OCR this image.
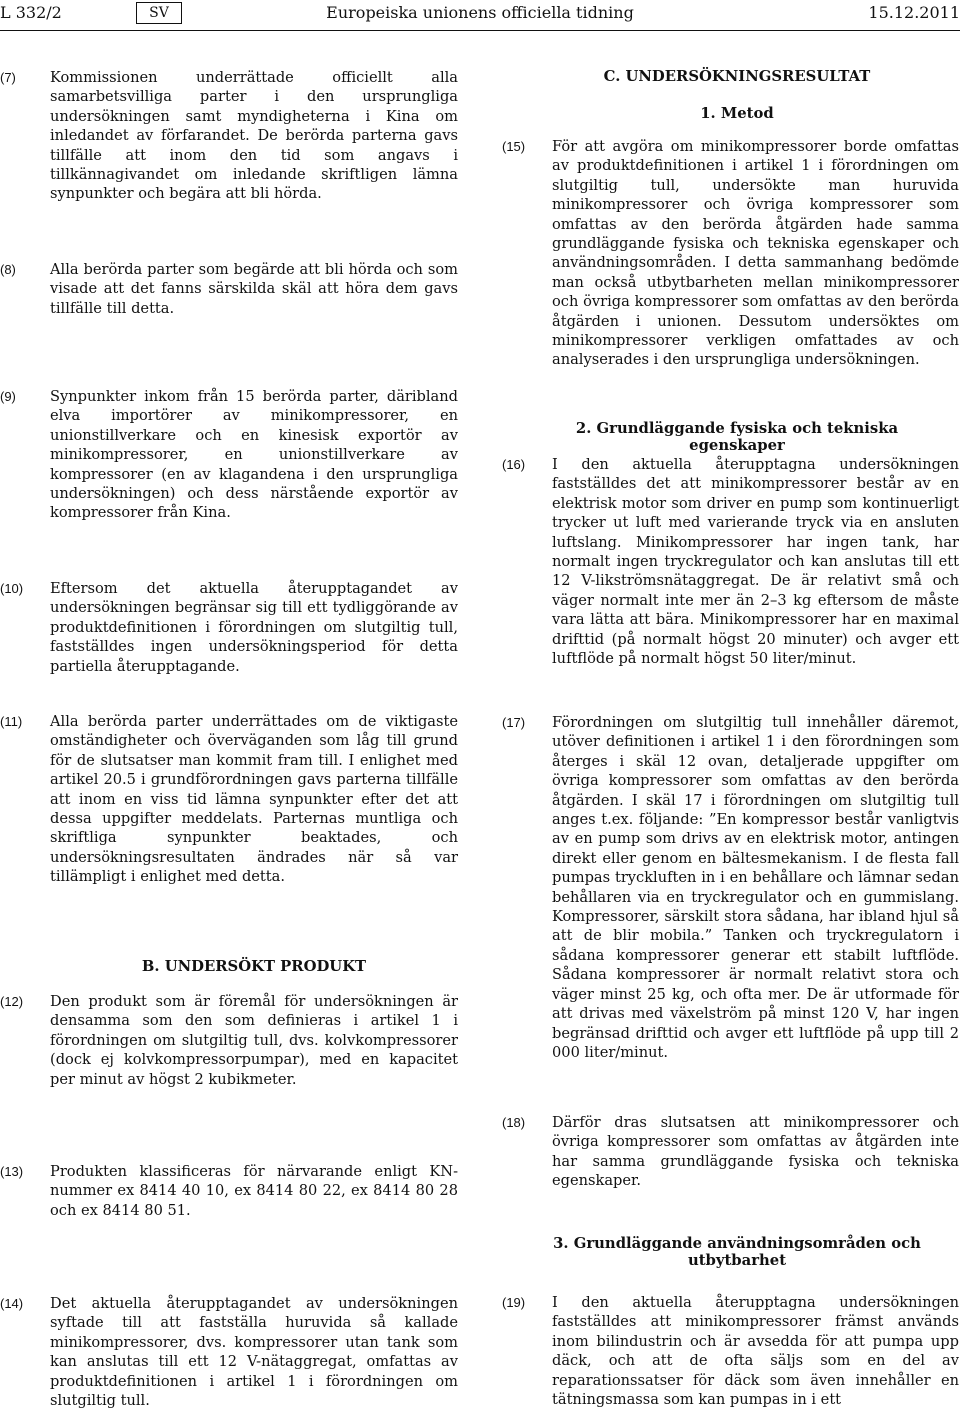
L 332/2	SV	Europeiska unionens officiella tidning	15.12.2011
(7) Kommissionen underrättade officiellt alla samarbetsvilliga parter i den ursprungliga undersökningen samt myndigheterna i Kina om inledandet av förfarandet. De berörda parterna gavs tillfälle att inom den tid som angavs i tillkännagivandet om inledande skriftligen lämna synpunkter och begära att bli hörda.
(8) Alla berörda parter som begärde att bli hörda och som visade att det fanns särskilda skäl att höra dem gavs tillfälle till detta.
(9) Synpunkter inkom från 15 berörda parter, däribland elva importörer av minikompressorer, en unionstillverkare och en kinesisk exportör av minikompressorer, en unionstillverkare av kompressorer (en av klagandena i den ursprungliga undersökningen) och dess närstående exportör av kompressorer från Kina.
(10) Eftersom det aktuella återupptagandet av undersökningen begränsar sig till ett tydliggörande av produktdefinitionen i förordningen om slutgiltig tull, fastställdes ingen undersökningsperiod för detta partiella återupptagande.
(11) Alla berörda parter underrättades om de viktigaste omständigheter och överväganden som låg till grund för de slutsatser man kommit fram till. I enlighet med artikel 20.5 i grundförordningen gavs parterna tillfälle att inom en viss tid lämna synpunkter efter det att dessa uppgifter meddelats. Parternas muntliga och skriftliga synpunkter beaktades, och undersökningsresultaten ändrades när så var tillämpligt i enlighet med detta.
B. UNDERSÖKT PRODUKT
(12) Den produkt som är föremål för undersökningen är densamma som den som definieras i artikel 1 i förordningen om slutgiltig tull, dvs. kolvkompressorer (dock ej kolvkompressorpumpar), med en kapacitet per minut av högst 2 kubikmeter.
(13) Produkten klassificeras för närvarande enligt KN-nummer ex 8414 40 10, ex 8414 80 22, ex 8414 80 28 och ex 8414 80 51.
(14) Det aktuella återupptagandet av undersökningen syftade till att fastställa huruvida så kallade minikompressorer, dvs. kompressorer utan tank som kan anslutas till ett 12 V-nätaggregat, omfattas av produktdefinitionen i artikel 1 i förordningen om slutgiltig tull.
C. UNDERSÖKNINGSRESULTAT
1. Metod
(15) För att avgöra om minikompressorer borde omfattas av produktdefinitionen i artikel 1 i förordningen om slutgiltig tull, undersökte man huruvida minikompressorer och övriga kompressorer som omfattas av den berörda åtgärden hade samma grundläggande fysiska och tekniska egenskaper och användningsområden. I detta sammanhang bedömde man också utbytbarheten mellan minikompressorer och övriga kompressorer som omfattas av den berörda åtgärden i unionen. Dessutom undersöktes om minikompressorer verkligen omfattades av och analyserades i den ursprungliga undersökningen.
2. Grundläggande fysiska och tekniska egenskaper
(16) I den aktuella återupptagna undersökningen fastställdes det att minikompressorer består av en elektrisk motor som driver en pump som kontinuerligt trycker ut luft med varierande tryck via en ansluten luftslang. Minikompressorer har ingen tank, har normalt ingen tryckregulator och kan anslutas till ett 12 V-likströmsnätaggregat. De är relativt små och väger normalt inte mer än 2–3 kg eftersom de måste vara lätta att bära. Minikompressorer har en maximal drifttid (på normalt högst 20 minuter) och avger ett luftflöde på normalt högst 50 liter/minut.
(17) Förordningen om slutgiltig tull innehåller däremot, utöver definitionen i artikel 1 i den förordningen som återges i skäl 12 ovan, detaljerade uppgifter om övriga kompressorer som omfattas av den berörda åtgärden. I skäl 17 i förordningen om slutgiltig tull anges t.ex. följande: ”En kompressor består vanligtvis av en pump som drivs av en elektrisk motor, antingen direkt eller genom en bältesmekanism. I de flesta fall pumpas tryckluften in i en behållare och lämnar sedan behållaren via en tryckregulator och en gummislang. Kompressorer, särskilt stora sådana, har ibland hjul så att de blir mobila.” Tanken och tryckregulatorn i sådana kompressorer generar ett stabilt luftflöde. Sådana kompressorer är normalt relativt stora och väger minst 25 kg, och ofta mer. De är utformade för att drivas med växelström på minst 120 V, har ingen begränsad drifttid och avger ett luftflöde på upp till 2 000 liter/minut.
(18) Därför dras slutsatsen att minikompressorer och övriga kompressorer som omfattas av åtgärden inte har samma grundläggande fysiska och tekniska egenskaper.
3. Grundläggande användningsområden och utbytbarhet
(19) I den aktuella återupptagna undersökningen fastställdes att minikompressorer främst används inom bilindustrin och är avsedda för att pumpa upp däck, och att de ofta säljs som en del av reparationssatser för däck som även innehåller en tätningsmassa som kan pumpas in i ett
